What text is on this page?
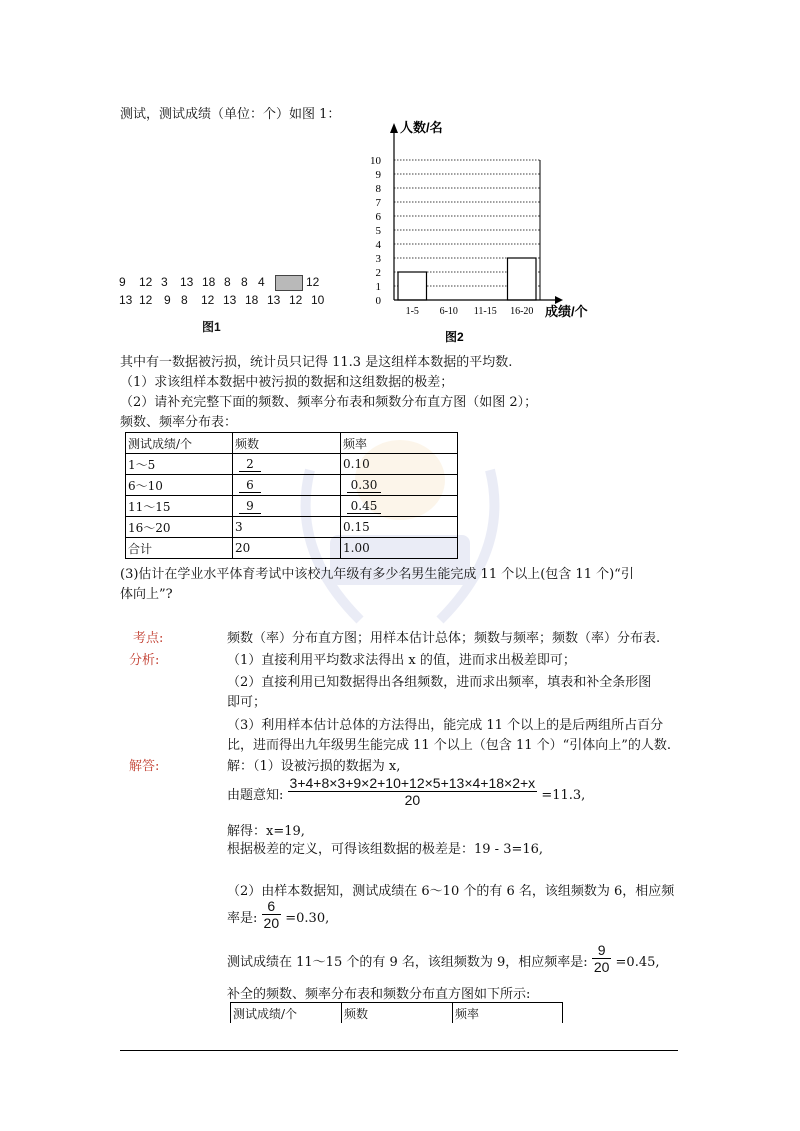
测试，测试成绩（单位：个）如图 1：
9 12 3 13 18 8 8 4	12
13 12 9 8 12 13 18 13 12 10
图1
0
1
2
3
4
5
6
7
8
9
10
1-5 6-10 11-15 16-20
人数/名
成绩/个
图2
其中有一数据被污损，统计员只记得 11.3 是这组样本数据的平均数.
（1）求该组样本数据中被污损的数据和这组数据的极差；
（2）请补充完整下面的频数、频率分布表和频数分布直方图（如图 2）；
频数、频率分布表：
测试成绩/个	频数	频率
1～5	2	0.10
6～10	6	0.30
11～15	9	0.45
16～20	3	0.15
合计	20	1.00
(3)估计在学业水平体育考试中该校九年级有多少名男生能完成 11 个以上(包含 11 个)“引
体向上”?
考点:	频数（率）分布直方图；用样本估计总体；频数与频率；频数（率）分布表.
分析:	（1）直接利用平均数求法得出 x 的值，进而求出极差即可；
（2）直接利用已知数据得出各组频数，进而求出频率，填表和补全条形图
即可；
（3）利用样本估计总体的方法得出，能完成 11 个以上的是后两组所占百分
比，进而得出九年级男生能完成 11 个以上（包含 11 个）“引体向上”的人数.
解答:	解：（1）设被污损的数据为 x,
由题意知: $\frac{3+4+8\times 3+9\times 2+10+12\times 5+13\times 4+18\times 2+x}{20} =11.3$,
解得：x=19,
根据极差的定义，可得该组数据的极差是：19 - 3=16,
（2）由样本数据知，测试成绩在 6～10 个的有 6 名，该组频数为 6，相应频
率是: $\frac{6}{20} =0.30$,
测试成绩在 11～15 个的有 9 名，该组频数为 9，相应频率是: $\frac{9}{20} =0.45$,
补全的频数、频率分布表和频数分布直方图如下所示:
测试成绩/个	频数	频率
